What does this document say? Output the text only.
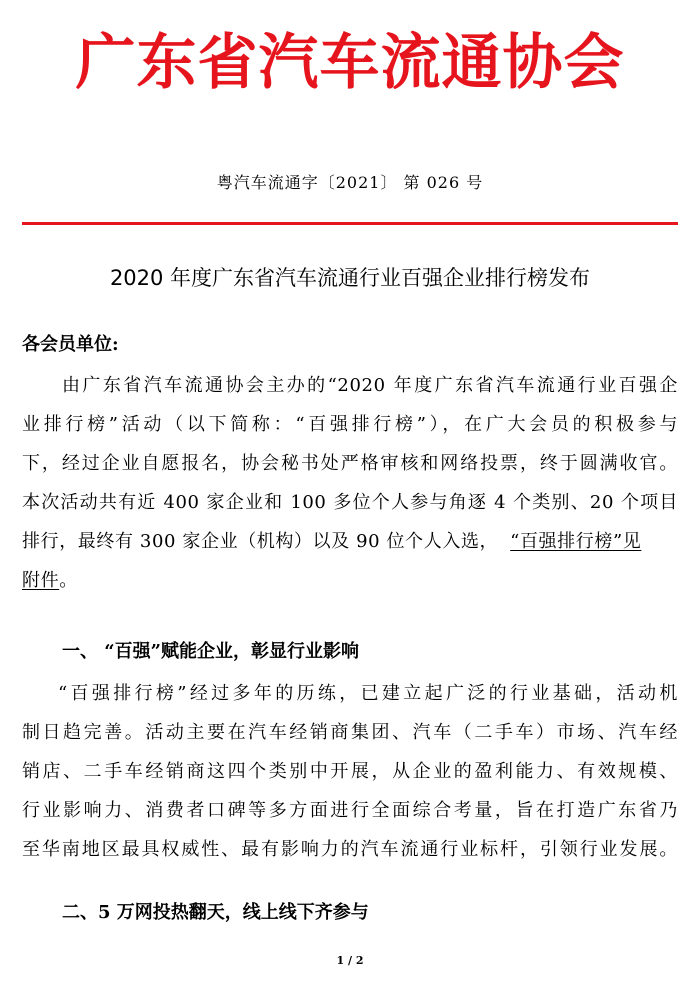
广东省汽车流通协会
粤汽车流通字〔2021〕 第 026 号
2020 年度广东省汽车流通行业百强企业排行榜发布
各会员单位:
由广东省汽车流通协会主办的“2020 年度广东省汽车流通行业百强企
业排行榜”活动（以下简称：“百强排行榜”），在广大会员的积极参与
下，经过企业自愿报名，协会秘书处严格审核和网络投票，终于圆满收官。
本次活动共有近 400 家企业和 100 多位个人参与角逐 4 个类别、20 个项目
排行，最终有 300 家企业（机构）以及 90 位个人入选， “百强排行榜”见
附件。
一、 “百强”赋能企业，彰显行业影响
“百强排行榜”经过多年的历练，已建立起广泛的行业基础，活动机
制日趋完善。活动主要在汽车经销商集团、汽车（二手车）市场、汽车经
销店、二手车经销商这四个类别中开展，从企业的盈利能力、有效规模、
行业影响力、消费者口碑等多方面进行全面综合考量，旨在打造广东省乃
至华南地区最具权威性、最有影响力的汽车流通行业标杆，引领行业发展。
二、5 万网投热翻天，线上线下齐参与
1 / 2
